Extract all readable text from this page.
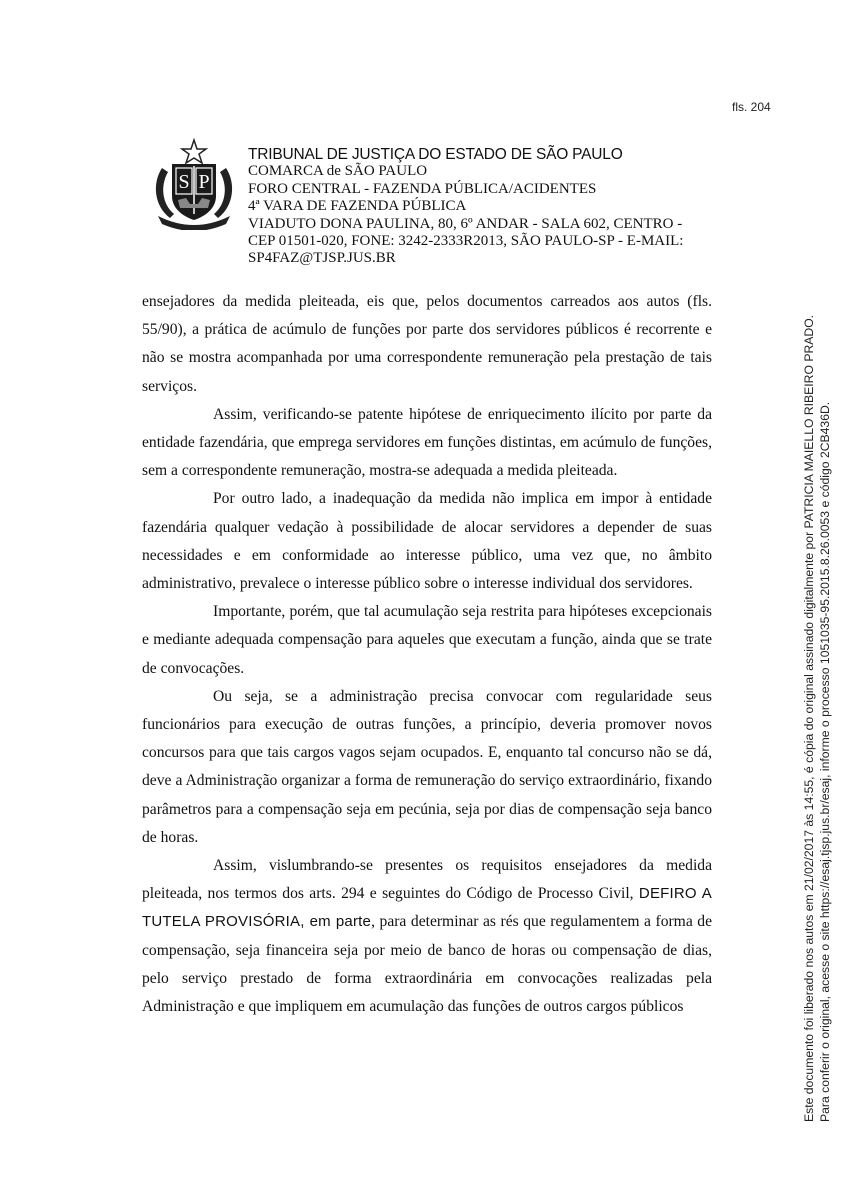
fls. 204
S P
TRIBUNAL DE JUSTIÇA DO ESTADO DE SÃO PAULO
COMARCA de SÃO PAULO
FORO CENTRAL - FAZENDA PÚBLICA/ACIDENTES
4ª VARA DE FAZENDA PÚBLICA
VIADUTO DONA PAULINA, 80, 6º ANDAR - SALA 602, CENTRO -
CEP 01501-020, FONE: 3242-2333R2013, SÃO PAULO-SP - E-MAIL:
SP4FAZ@TJSP.JUS.BR

ensejadores da medida pleiteada, eis que, pelos documentos carreados aos autos (fls. 55/90), a prática de acúmulo de funções por parte dos servidores públicos é recorrente e não se mostra acompanhada por uma correspondente remuneração pela prestação de tais serviços.

Assim, verificando-se patente hipótese de enriquecimento ilícito por parte da entidade fazendária, que emprega servidores em funções distintas, em acúmulo de funções, sem a correspondente remuneração, mostra-se adequada a medida pleiteada.

Por outro lado, a inadequação da medida não implica em impor à entidade fazendária qualquer vedação à possibilidade de alocar servidores a depender de suas necessidades e em conformidade ao interesse público, uma vez que, no âmbito administrativo, prevalece o interesse público sobre o interesse individual dos servidores.

Importante, porém, que tal acumulação seja restrita para hipóteses excepcionais e mediante adequada compensação para aqueles que executam a função, ainda que se trate de convocações.

Ou seja, se a administração precisa convocar com regularidade seus funcionários para execução de outras funções, a princípio, deveria promover novos concursos para que tais cargos vagos sejam ocupados. E, enquanto tal concurso não se dá, deve a Administração organizar a forma de remuneração do serviço extraordinário, fixando parâmetros para a compensação seja em pecúnia, seja por dias de compensação seja banco de horas.

Assim, vislumbrando-se presentes os requisitos ensejadores da medida pleiteada, nos termos dos arts. 294 e seguintes do Código de Processo Civil, DEFIRO A TUTELA PROVISÓRIA, em parte, para determinar as rés que regulamentem a forma de compensação, seja financeira seja por meio de banco de horas ou compensação de dias, pelo serviço prestado de forma extraordinária em convocações realizadas pela Administração e que impliquem em acumulação das funções de outros cargos públicos	Este documento foi liberado nos autos em 21/02/2017 às 14:55, é cópia do original assinado digitalmente por PATRICIA MAIELLO RIBEIRO PRADO. Para conferir o original, acesse o site https://esaj.tjsp.jus.br/esaj, informe o processo 1051035-95.2015.8.26.0053 e código 2CB436D.
